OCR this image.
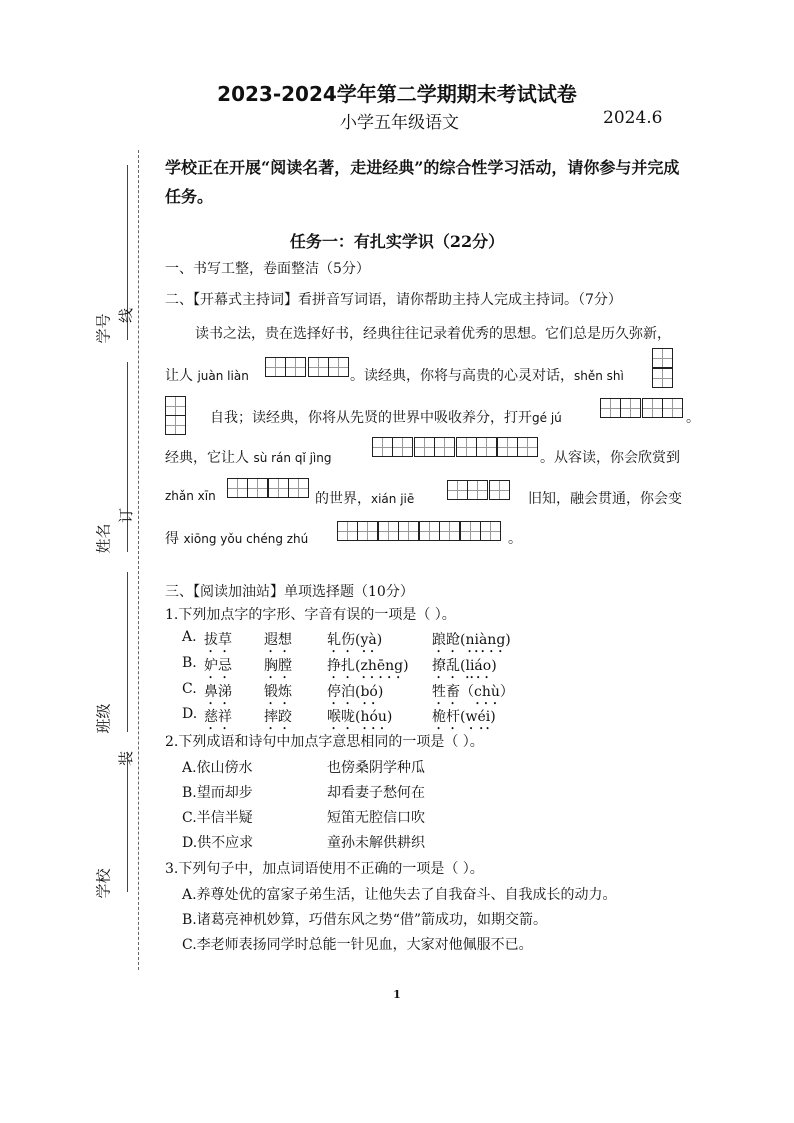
学号 线
姓名
订
班级
装
学校
2023-2024学年第二学期期末考试试卷
小学五年级语文	2024.6
学校正在开展“阅读名著，走进经典”的综合性学习活动，请你参与并完成任务。
任务一：有扎实学识（22分）
一、书写工整，卷面整洁（5分）
二、【开幕式主持词】看拼音写词语，请你帮助主持人完成主持词。（7分）
读书之法，贵在选择好书，经典往往记录着优秀的思想。它们总是历久弥新，
让人 juàn liàn	。读经典，你将与高贵的心灵对话，shěn shì
自我；读经典，你将从先贤的世界中吸收养分，打开gé jú	。
经典，它让人 sù rán qǐ jìng	。从容读，你会欣赏到
zhǎn xīn	的世界，xián jiē	旧知，融会贯通，你会变
得 xiōng yǒu chéng zhú	。
三、【阅读加油站】单项选择题（10分）
1.下列加点字的字形、字音有误的一项是（ ）。
A. 拔草 遐想	轧伤(yà)	踉跄(niàng)
B. 妒忌 胸膛	挣扎(zhēng) 撩乱(liáo)
C. 鼻涕 锻炼	停泊(bó)	牲畜（chù）
D. 慈祥 摔跤	喉咙(hóu)	桅杆(wéi)
2.下列成语和诗句中加点字意思相同的一项是（ ）。
A.依山傍水	也傍桑阴学种瓜
B.望而却步	却看妻子愁何在
C.半信半疑	短笛无腔信口吹
D.供不应求	童孙未解供耕织
3.下列句子中，加点词语使用不正确的一项是（ ）。
A.养尊处优的富家子弟生活，让他失去了自我奋斗、自我成长的动力。
B.诸葛亮神机妙算，巧借东风之势“借”箭成功，如期交箭。
C.李老师表扬同学时总能一针见血，大家对他佩服不已。
1
